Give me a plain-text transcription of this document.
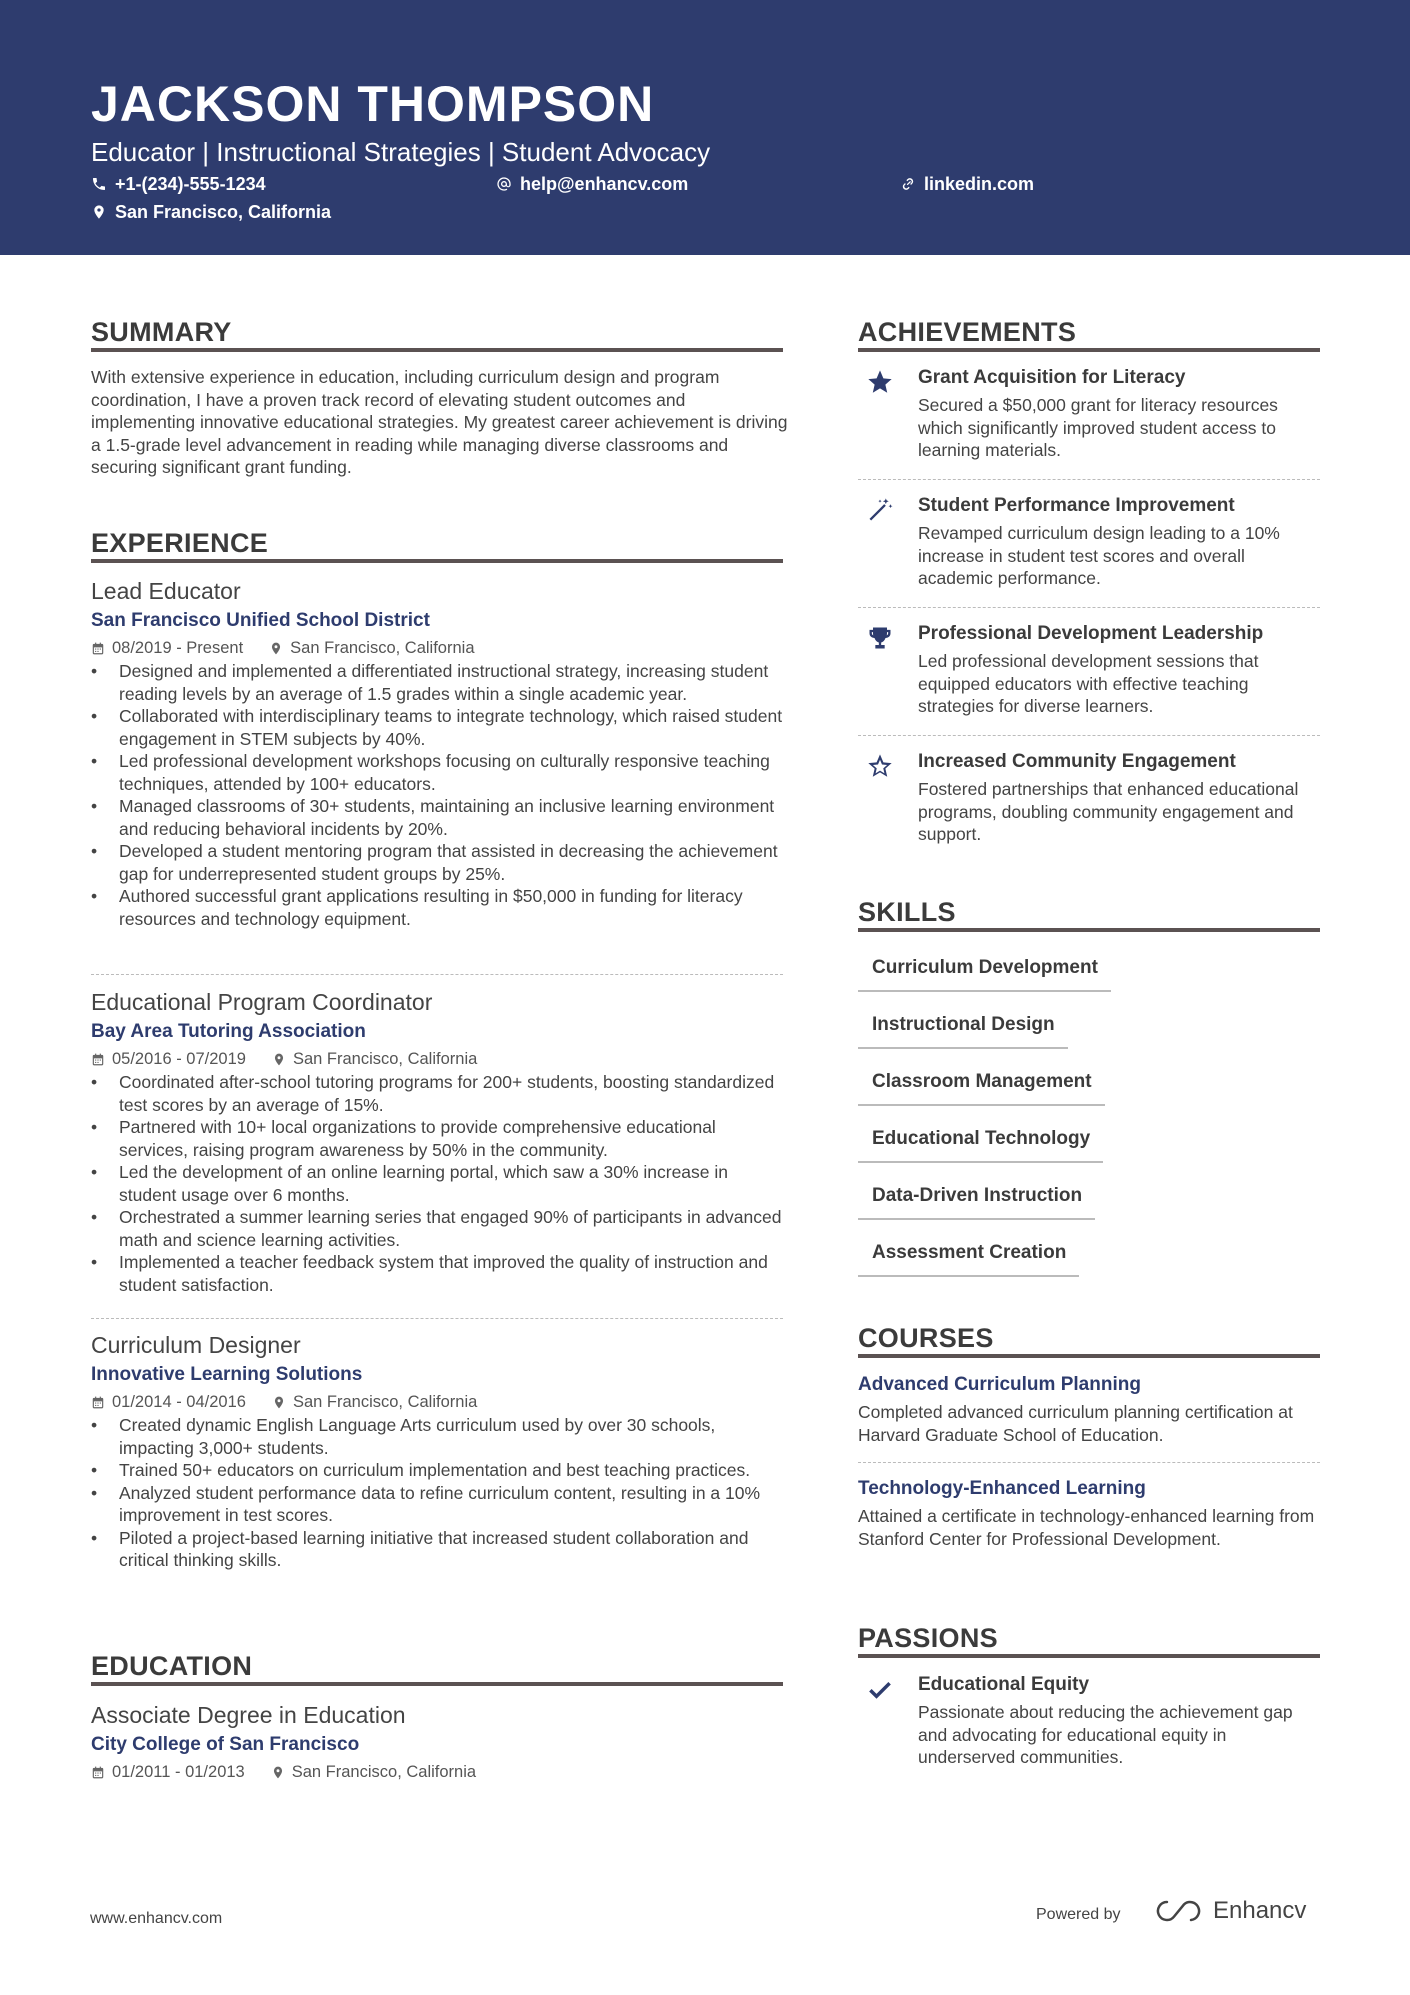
JACKSON THOMPSON
Educator | Instructional Strategies | Student Advocacy
+1-(234)-555-1234	help@enhancv.com	linkedin.com
San Francisco, California
SUMMARY
With extensive experience in education, including curriculum design and program coordination, I have a proven track record of elevating student outcomes and implementing innovative educational strategies. My greatest career achievement is driving a 1.5-grade level advancement in reading while managing diverse classrooms and securing significant grant funding.
EXPERIENCE
Lead Educator
San Francisco Unified School District
08/2019 - Present	San Francisco, California
• Designed and implemented a differentiated instructional strategy, increasing student reading levels by an average of 1.5 grades within a single academic year.
• Collaborated with interdisciplinary teams to integrate technology, which raised student engagement in STEM subjects by 40%.
• Led professional development workshops focusing on culturally responsive teaching techniques, attended by 100+ educators.
• Managed classrooms of 30+ students, maintaining an inclusive learning environment and reducing behavioral incidents by 20%.
• Developed a student mentoring program that assisted in decreasing the achievement gap for underrepresented student groups by 25%.
• Authored successful grant applications resulting in $50,000 in funding for literacy resources and technology equipment.
Educational Program Coordinator
Bay Area Tutoring Association
05/2016 - 07/2019	San Francisco, California
• Coordinated after-school tutoring programs for 200+ students, boosting standardized test scores by an average of 15%.
• Partnered with 10+ local organizations to provide comprehensive educational services, raising program awareness by 50% in the community.
• Led the development of an online learning portal, which saw a 30% increase in student usage over 6 months.
• Orchestrated a summer learning series that engaged 90% of participants in advanced math and science learning activities.
• Implemented a teacher feedback system that improved the quality of instruction and student satisfaction.
Curriculum Designer
Innovative Learning Solutions
01/2014 - 04/2016	San Francisco, California
• Created dynamic English Language Arts curriculum used by over 30 schools, impacting 3,000+ students.
• Trained 50+ educators on curriculum implementation and best teaching practices.
• Analyzed student performance data to refine curriculum content, resulting in a 10% improvement in test scores.
• Piloted a project-based learning initiative that increased student collaboration and critical thinking skills.
EDUCATION
Associate Degree in Education
City College of San Francisco
01/2011 - 01/2013	San Francisco, California
ACHIEVEMENTS
Grant Acquisition for Literacy
Secured a $50,000 grant for literacy resources which significantly improved student access to learning materials.
Student Performance Improvement
Revamped curriculum design leading to a 10% increase in student test scores and overall academic performance.
Professional Development Leadership
Led professional development sessions that equipped educators with effective teaching strategies for diverse learners.
Increased Community Engagement
Fostered partnerships that enhanced educational programs, doubling community engagement and support.
SKILLS
Curriculum Development
Instructional Design
Classroom Management
Educational Technology
Data-Driven Instruction
Assessment Creation
COURSES
Advanced Curriculum Planning
Completed advanced curriculum planning certification at Harvard Graduate School of Education.
Technology-Enhanced Learning
Attained a certificate in technology-enhanced learning from Stanford Center for Professional Development.
PASSIONS
Educational Equity
Passionate about reducing the achievement gap and advocating for educational equity in underserved communities.
www.enhancv.com	Powered by	Enhancv
